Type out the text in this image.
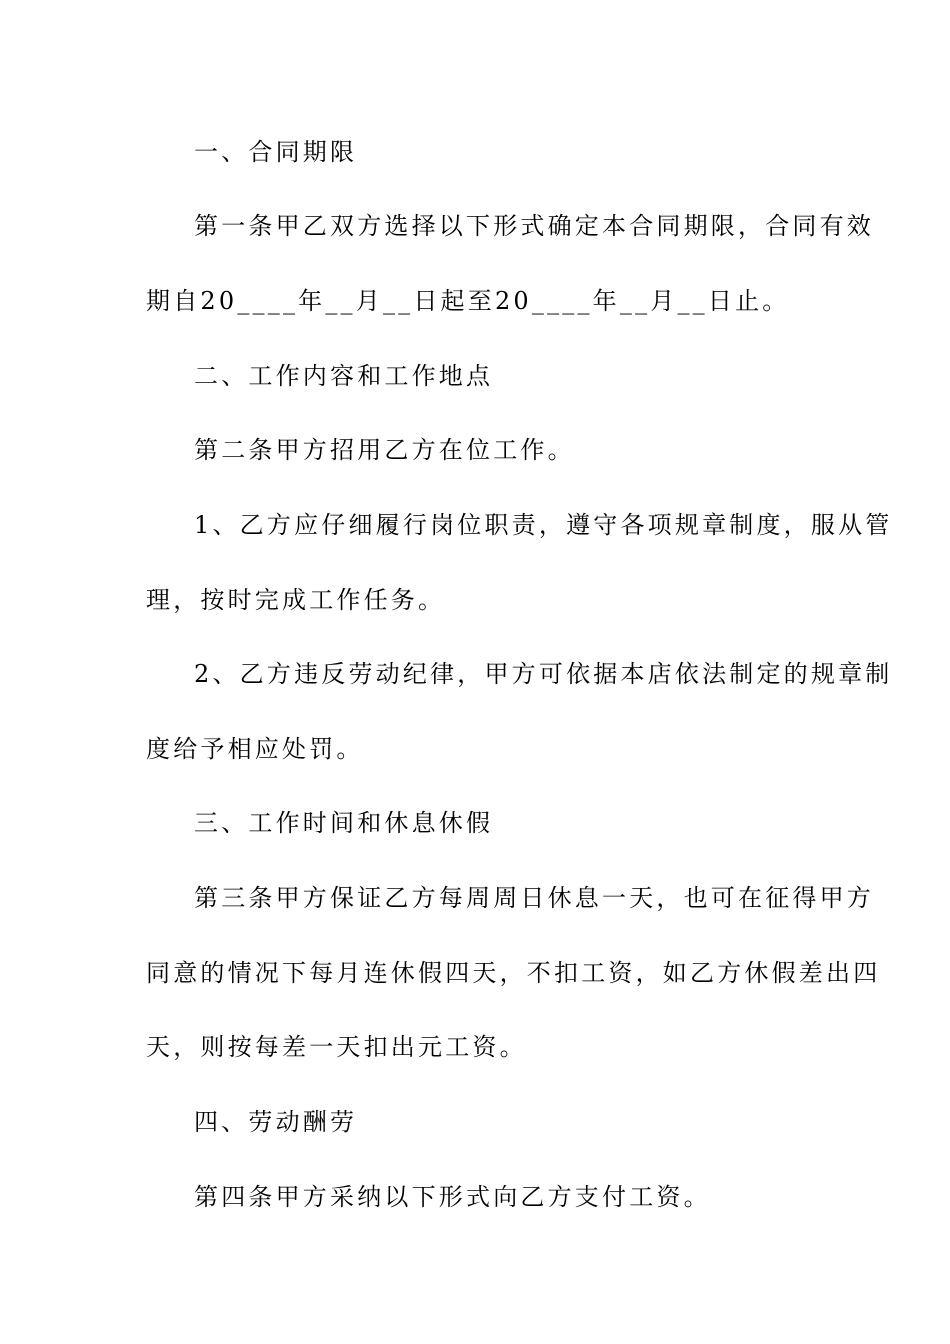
一、合同期限

第一条甲乙双方选择以下形式确定本合同期限，合同有效

期自20____年__月__日起至20____年__月__日止。

二、工作内容和工作地点

第二条甲方招用乙方在位工作。

1、乙方应仔细履行岗位职责，遵守各项规章制度，服从管

理，按时完成工作任务。

2、乙方违反劳动纪律，甲方可依据本店依法制定的规章制

度给予相应处罚。

三、工作时间和休息休假

第三条甲方保证乙方每周周日休息一天，也可在征得甲方

同意的情况下每月连休假四天，不扣工资，如乙方休假差出四

天，则按每差一天扣出元工资。

四、劳动酬劳

第四条甲方采纳以下形式向乙方支付工资。
